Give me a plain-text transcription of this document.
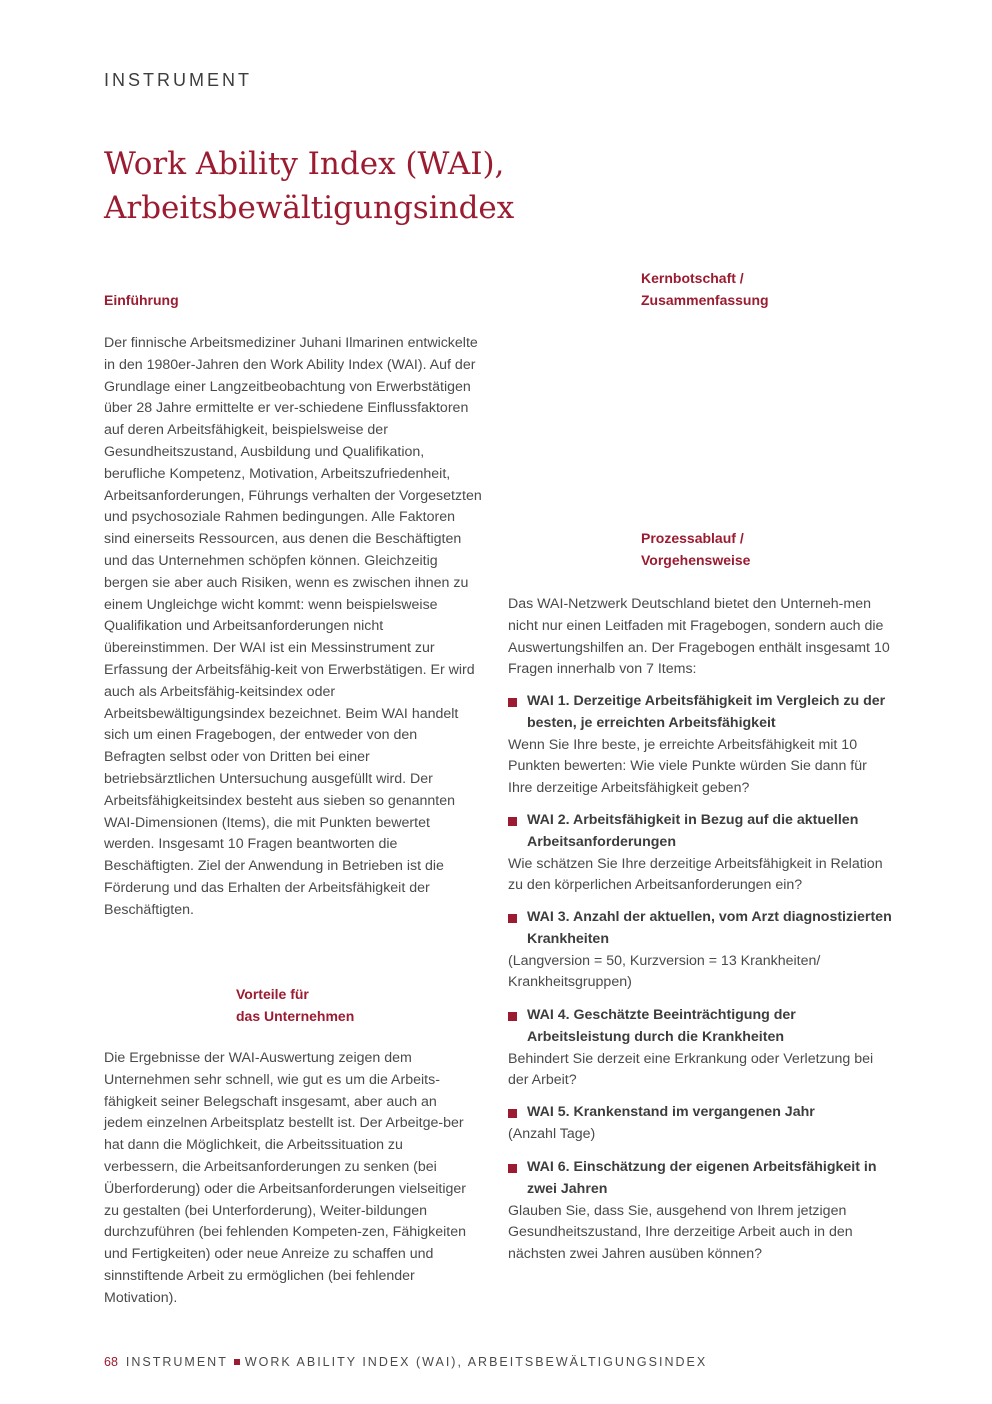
INSTRUMENT
Work Ability Index (WAI),
Arbeitsbewältigungsindex
Einführung

Der finnische Arbeitsmediziner Juhani Ilmarinen entwickelte in den 1980er-Jahren den Work Ability Index (WAI). Auf der Grundlage einer Langzeitbeobachtung von Erwerbstätigen über 28 Jahre ermittelte er ver-schiedene Einflussfaktoren auf deren Arbeitsfähigkeit, beispielsweise der Gesundheitszustand, Ausbildung und Qualifikation, berufliche Kompetenz, Motivation, Arbeitszufriedenheit, Arbeitsanforderungen, Führungs verhalten der Vorgesetzten und psychosoziale Rahmen bedingungen. Alle Faktoren sind einerseits Ressourcen, aus denen die Beschäftigten und das Unternehmen schöpfen können. Gleichzeitig bergen sie aber auch Risiken, wenn es zwischen ihnen zu einem Ungleichge wicht kommt: wenn beispielsweise Qualifikation und Arbeitsanforderungen nicht übereinstimmen. Der WAI ist ein Messinstrument zur Erfassung der Arbeitsfähig-keit von Erwerbstätigen. Er wird auch als Arbeitsfähig-keitsindex oder Arbeitsbewältigungsindex bezeichnet. Beim WAI handelt sich um einen Fragebogen, der entweder von den Befragten selbst oder von Dritten bei einer betriebsärztlichen Untersuchung ausgefüllt wird. Der Arbeitsfähigkeitsindex besteht aus sieben so genannten WAI-Dimensionen (Items), die mit Punkten bewertet werden. Insgesamt 10 Fragen beantworten die Beschäftigten. Ziel der Anwendung in Betrieben ist die Förderung und das Erhalten der Arbeitsfähigkeit der Beschäftigten.

Vorteile für
das Unternehmen

Die Ergebnisse der WAI-Auswertung zeigen dem Unternehmen sehr schnell, wie gut es um die Arbeits-fähigkeit seiner Belegschaft insgesamt, aber auch an jedem einzelnen Arbeitsplatz bestellt ist. Der Arbeitge-ber hat dann die Möglichkeit, die Arbeitssituation zu verbessern, die Arbeitsanforderungen zu senken (bei Überforderung) oder die Arbeitsanforderungen vielseitiger zu gestalten (bei Unterforderung), Weiter-bildungen durchzuführen (bei fehlenden Kompeten-zen, Fähigkeiten und Fertigkeiten) oder neue Anreize zu schaffen und sinnstiftende Arbeit zu ermöglichen (bei fehlender Motivation).

Kernbotschaft /
Zusammenfassung
Prozessablauf /
Vorgehensweise

Das WAI-Netzwerk Deutschland bietet den Unterneh-men nicht nur einen Leitfaden mit Fragebogen, sondern auch die Auswertungshilfen an. Der Fragebogen enthält insgesamt 10 Fragen innerhalb von 7 Items:

WAI 1. Derzeitige Arbeitsfähigkeit im Vergleich zu der besten, je erreichten Arbeitsfähigkeit
Wenn Sie Ihre beste, je erreichte Arbeitsfähigkeit mit 10 Punkten bewerten: Wie viele Punkte würden Sie dann für Ihre derzeitige Arbeitsfähigkeit geben?
WAI 2. Arbeitsfähigkeit in Bezug auf die aktuellen Arbeitsanforderungen
Wie schätzen Sie Ihre derzeitige Arbeitsfähigkeit in Relation zu den körperlichen Arbeitsanforderungen ein?
WAI 3. Anzahl der aktuellen, vom Arzt diagnostizierten Krankheiten
(Langversion = 50, Kurzversion = 13 Krankheiten/ Krankheitsgruppen)
WAI 4. Geschätzte Beeinträchtigung der Arbeitsleistung durch die Krankheiten
Behindert Sie derzeit eine Erkrankung oder Verletzung bei der Arbeit?
WAI 5. Krankenstand im vergangenen Jahr
(Anzahl Tage)
WAI 6. Einschätzung der eigenen Arbeitsfähigkeit in zwei Jahren
Glauben Sie, dass Sie, ausgehend von Ihrem jetzigen Gesundheitszustand, Ihre derzeitige Arbeit auch in den nächsten zwei Jahren ausüben können?
68 INSTRUMENT WORK ABILITY INDEX (WAI), ARBEITSBEWÄLTIGUNGSINDEX
